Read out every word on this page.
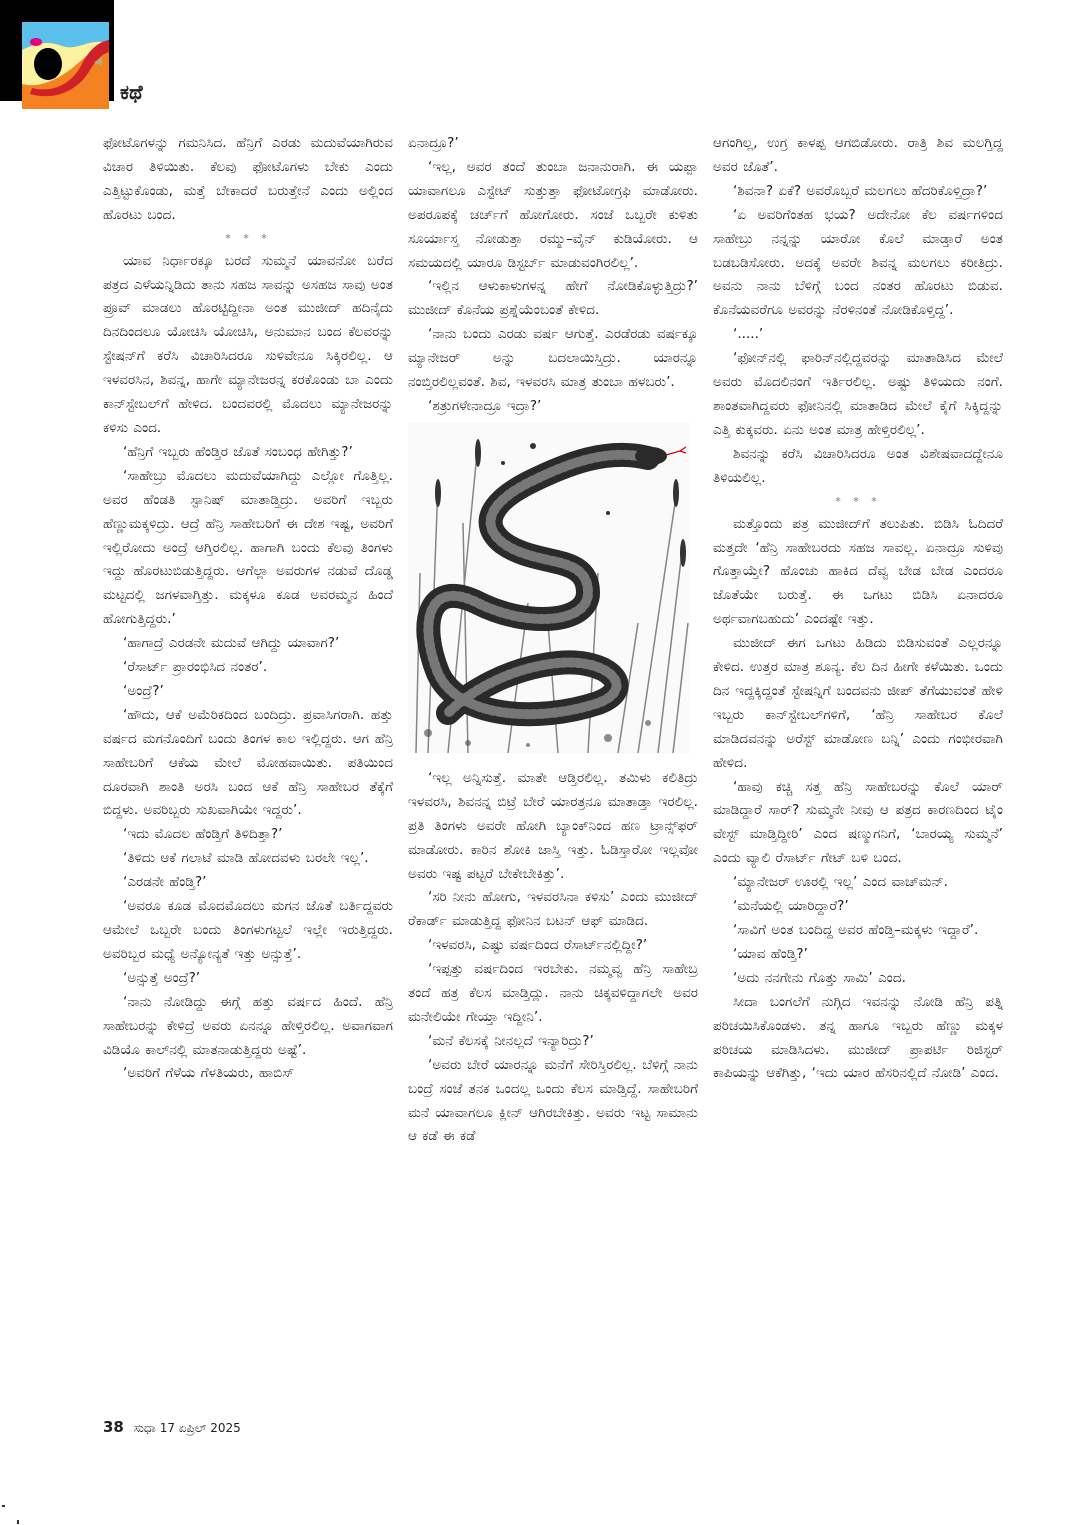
ಕಥೆ

ಫೋಟೊಗಳನ್ನು ಗಮನಿಸಿದ. ಹೆನ್ರಿಗೆ ಎರಡು ಮದುವೆಯಾಗಿರುವ ವಿಚಾರ ತಿಳಿಯಿತು. ಕೆಲವು ಫೋಟೊಗಳು ಬೇಕು ಎಂದು ಎತ್ತಿಟ್ಟುಕೊಂಡು, ಮತ್ತೆ ಬೇಕಾದರೆ ಬರುತ್ತೇನೆ ಎಂದು ಅಲ್ಲಿಂದ ಹೊರಟು ಬಂದ.

* * *

ಯಾವ ನಿರ್ಧಾರಕ್ಕೂ ಬರದೆ ಸುಮ್ಮನೆ ಯಾವನೋ ಬರೆದ ಪತ್ರದ ಎಳೆಯನ್ನಿಡಿದು ತಾನು ಸಹಜ ಸಾವನ್ನು ಅಸಹಜ ಸಾವು ಅಂತ ಪ್ರೂವ್ ಮಾಡಲು ಹೊರಟ್ಟಿದ್ದೀನಾ ಅಂತ ಮುಜೀದ್ ಹದಿನೈದು ದಿನದಿಂದಲೂ ಯೋಚಿಸಿ ಯೋಚಿಸಿ, ಅನುಮಾನ ಬಂದ ಕೆಲವರನ್ನು ಸ್ಟೇಷನ್‌ಗೆ ಕರೆಸಿ ವಿಚಾರಿಸಿದರೂ ಸುಳಿವೇನೂ ಸಿಕ್ಕಿರಲಿಲ್ಲ. ಆ ಇಳವರಸಿನ, ಶಿವನ್ನ, ಹಾಗೇ ಮ್ಯಾನೇಜರನ್ನ ಕರಕೊಂಡು ಬಾ ಎಂದು ಕಾನ್‌ಸ್ಟೇಬಲ್‌ಗೆ ಹೇಳಿದ. ಬಂದವರಲ್ಲಿ ಮೊದಲು ಮ್ಯಾನೇಜರನ್ನು ಕಳಿಸು ಎಂದ.

‘ಹೆನ್ರಿಗೆ ಇಬ್ಬರು ಹೆಂಡ್ತಿರ ಜೊತೆ ಸಂಬಂಧ ಹೇಗಿತ್ತು?’

‘ಸಾಹೇಬ್ರು ಮೊದಲು ಮದುವೆಯಾಗಿದ್ದು ಎಲ್ಲೋ ಗೊತ್ತಿಲ್ಲ. ಅವರ ಹೆಂಡತಿ ಸ್ಪಾನಿಷ್ ಮಾತಾಡ್ತಿದ್ರು. ಅವರಿಗೆ ಇಬ್ಬರು ಹೆಣ್ಣುಮಕ್ಕಳಿದ್ರು. ಆದ್ರೆ ಹೆನ್ರಿ ಸಾಹೇಬರಿಗೆ ಈ ದೇಶ ಇಷ್ಟ, ಅವರಿಗೆ ಇಲ್ಲಿರೋದು ಅಂದ್ರೆ ಆಗ್ತಿರಲಿಲ್ಲ. ಹಾಗಾಗಿ ಬಂದು ಕೆಲವು ತಿಂಗಳು ಇದ್ದು ಹೊರಟುಬಿಡುತ್ತಿದ್ದರು. ಆಗೆಲ್ಲಾ ಅವರುಗಳ ನಡುವೆ ದೊಡ್ಡ ಮಟ್ಟದಲ್ಲಿ ಜಗಳವಾಗ್ತಿತ್ತು. ಮಕ್ಕಳೂ ಕೂಡ ಅವರಮ್ಮನ ಹಿಂದೆ ಹೋಗುತ್ತಿದ್ದರು.’

‘ಹಾಗಾದ್ರೆ ಎರಡನೇ ಮದುವೆ ಆಗಿದ್ದು ಯಾವಾಗ?’

‘ರೆಸಾರ್ಟ್ ಪ್ರಾರಂಭಿಸಿದ ನಂತರ’.

‘ಅಂದ್ರೆ?’

‘ಹೌದು, ಆಕೆ ಅಮೆರಿಕದಿಂದ ಬಂದಿದ್ರು. ಪ್ರವಾಸಿಗರಾಗಿ. ಹತ್ತು ವರ್ಷದ ಮಗನೊಂದಿಗೆ ಬಂದು ತಿಂಗಳ ಕಾಲ ಇಲ್ಲಿದ್ದರು. ಆಗ ಹೆನ್ರಿ ಸಾಹೇಬರಿಗೆ ಆಕೆಯ ಮೇಲೆ ಮೋಹವಾಯಿತು. ಪತಿಯಿಂದ ದೂರವಾಗಿ ಶಾಂತಿ ಅರಸಿ ಬಂದ ಆಕೆ ಹೆನ್ರಿ ಸಾಹೇಬರ ತೆಕ್ಕೆಗೆ ಬಿದ್ದಳು. ಅವರಿಬ್ಬರು ಸುಖವಾಗಿಯೇ ಇದ್ದರು’.

‘ಇದು ಮೊದಲ ಹೆಂಡ್ತಿಗೆ ತಿಳಿದಿತ್ತಾ?’

‘ತಿಳಿದು ಆಕೆ ಗಲಾಟೆ ಮಾಡಿ ಹೋದವಳು ಬರಲೇ ಇಲ್ಲ’.

‘ಎರಡನೇ ಹೆಂಡ್ತಿ?’

‘ಅವರೂ ಕೂಡ ಮೊದಮೊದಲು ಮಗನ ಜೊತೆ ಬರ್ತಿದ್ದವರು ಆಮೇಲೆ ಒಬ್ಬರೇ ಬಂದು ತಿಂಗಳುಗಟ್ಟಲೆ ಇಲ್ಲೇ ಇರುತ್ತಿದ್ದರು. ಅವರಿಬ್ಬರ ಮಧ್ಯೆ ಅನ್ಯೋನ್ಯತೆ ಇತ್ತು ಅನ್ಸುತ್ತೆ’.

‘ಅನ್ಸುತ್ತೆ ಅಂದ್ರೆ?’

‘ನಾನು ನೋಡಿದ್ದು ಈಗ್ಗೆ ಹತ್ತು ವರ್ಷದ ಹಿಂದೆ. ಹೆನ್ರಿ ಸಾಹೇಬರನ್ನು ಕೇಳಿದ್ರೆ ಅವರು ಏನನ್ನೂ ಹೇಳ್ತಿರಲಿಲ್ಲ. ಅವಾಗವಾಗ ವಿಡಿಯೊ ಕಾಲ್‌ನಲ್ಲಿ ಮಾತನಾಡುತ್ತಿದ್ದರು ಅಷ್ಟೆ’.

‘ಅವರಿಗೆ ಗೆಳೆಯ ಗೆಳತಿಯರು, ಹಾಬಿಸ್

ಏನಾದ್ರೂ?’

‘ಇಲ್ಲ, ಅವರ ತಂದೆ ತುಂಬಾ ಜನಾನುರಾಗಿ. ಈ ಯಪ್ಪಾ ಯಾವಾಗಲೂ ಎಸ್ಟೇಟ್ ಸುತ್ತುತ್ತಾ ಫೋಟೋಗ್ರಫಿ ಮಾಡೋರು. ಅಪರೂಪಕ್ಕೆ ಚರ್ಚ್‌ಗೆ ಹೋಗೋರು. ಸಂಜೆ ಒಬ್ಬರೇ ಕುಳಿತು ಸೂರ್ಯಾಸ್ತ ನೋಡುತ್ತಾ ರಮ್ಮು–ವೈನ್ ಕುಡಿಯೋರು. ಆ ಸಮಯದಲ್ಲಿ ಯಾರೂ ಡಿಸ್ಟರ್ಬ್ ಮಾಡುವಂಗಿರಲಿಲ್ಲ’.

‘ಇಲ್ಲಿನ ಆಳುಕಾಳುಗಳನ್ನ ಹೇಗೆ ನೋಡಿಕೊಳ್ಳುತ್ತಿದ್ರು?’ ಮುಜೀದ್ ಕೊನೆಯ ಪ್ರಶ್ನೆಯೆಂಬಂತೆ ಕೇಳಿದ.

‘ನಾನು ಬಂದು ಎರಡು ವರ್ಷ ಆಗುತ್ತೆ. ಎರಡೆರಡು ವರ್ಷಕ್ಕೂ ಮ್ಯಾನೇಜರ್ ಅನ್ನು ಬದಲಾಯಿಸ್ತಿದ್ರು. ಯಾರನ್ನೂ ನಂಬ್ತಿರಲಿಲ್ಲವಂತೆ. ಶಿವ, ಇಳವರಸಿ ಮಾತ್ರ ತುಂಬಾ ಹಳಬರು’.

‘ಶತ್ರುಗಳೇನಾದ್ರೂ ಇದ್ರಾ?’

‘ಇಲ್ಲ ಅನ್ನಿಸುತ್ತೆ. ಮಾತೇ ಆಡ್ತಿರಲಿಲ್ಲ. ತಮಿಳು ಕಲಿತಿದ್ರು ಇಳವರಸಿ, ಶಿವನನ್ನ ಬಿಟ್ರೆ ಬೇರೆ ಯಾರತ್ರನೂ ಮಾತಾಡ್ತಾ ಇರಲಿಲ್ಲ. ಪ್ರತಿ ತಿಂಗಳು ಅವರೇ ಹೋಗಿ ಬ್ಯಾಂಕ್‌ನಿಂದ ಹಣ ಟ್ರಾನ್ಸ್‌ಫರ್ ಮಾಡೋರು. ಕಾರಿನ ಶೋಕಿ ಜಾಸ್ತಿ ಇತ್ತು. ಓಡಿಸ್ತಾರೋ ಇಲ್ಲವೋ ಅವರು ಇಷ್ಟ ಪಟ್ಟರೆ ಬೇಕೇಬೇಕಿತ್ತು’.

‘ಸರಿ ನೀನು ಹೋಗು, ಇಳವರಸಿನಾ ಕಳಿಸು’ ಎಂದು ಮುಜೀದ್ ರೆಕಾರ್ಡ್ ಮಾಡುತ್ತಿದ್ದ ಫೋನಿನ ಬಟನ್ ಆಫ್ ಮಾಡಿದ.

‘ಇಳವರಸಿ, ಎಷ್ಟು ವರ್ಷದಿಂದ ರೆಸಾರ್ಟ್‌ನಲ್ಲಿದ್ದೀ?’

‘ಇಪ್ಪತ್ತು ವರ್ಷದಿಂದ ಇರಬೇಕು. ನಮ್ಮವ್ವ ಹೆನ್ರಿ ಸಾಹೇಬ್ರ ತಂದೆ ಹತ್ರ ಕೆಲಸ ಮಾಡ್ತಿದ್ಲು. ನಾನು ಚಿಕ್ಕವಳಿದ್ದಾಗಲೇ ಅವರ ಮನೇಲಿಯೇ ಗೇಯ್ತಾ ಇದ್ದೀನಿ’.

‘ಮನೆ ಕೆಲಸಕ್ಕೆ ನೀನಲ್ಲದೆ ಇನ್ಯಾರಿದ್ರು?’

‘ಅವರು ಬೇರೆ ಯಾರನ್ನೂ ಮನೆಗೆ ಸೇರಿಸ್ತಿರಲಿಲ್ಲ. ಬೆಳಿಗ್ಗೆ ನಾನು ಬಂದ್ರೆ ಸಂಜೆ ತನಕ ಒಂದಲ್ಲ ಒಂದು ಕೆಲಸ ಮಾಡ್ತಿದ್ದೆ. ಸಾಹೇಬರಿಗೆ ಮನೆ ಯಾವಾಗಲೂ ಕ್ಲೀನ್ ಆಗಿರಬೇಕಿತ್ತು. ಅವರು ಇಟ್ಟ ಸಾಮಾನು ಆ ಕಡೆ ಈ ಕಡೆ

ಆಗಂಗಿಲ್ಲ, ಉಗ್ರ ಕಾಳಪ್ಪ ಆಗಬಿಡೋರು. ರಾತ್ರಿ ಶಿವ ಮಲಗ್ತಿದ್ದ ಅವರ ಜೊತೆ’.

‘ಶಿವನಾ? ಏಕೆ? ಅವರೊಬ್ಬರೆ ಮಲಗಲು ಹೆದರಿಕೊಳ್ತಿದ್ರಾ?’

‘ಏ ಅವರಿಗೆಂತಹ ಭಯ? ಅದೇನೋ ಕೆಲ ವರ್ಷಗಳಿಂದ ಸಾಹೇಬ್ರು ನನ್ನನ್ನು ಯಾರೋ ಕೊಲೆ ಮಾಡ್ತಾರೆ ಅಂತ ಬಡಬಡಿಸೋರು. ಅದಕ್ಕೆ ಅವರೇ ಶಿವನ್ನ ಮಲಗಲು ಕರೀತಿದ್ರು. ಅವನು ನಾನು ಬೆಳಿಗ್ಗೆ ಬಂದ ನಂತರ ಹೊರಟು ಬಿಡುವ. ಕೊನೆಯವರೆಗೂ ಅವರನ್ನು ನೆರಳಿನಂತೆ ನೋಡಿಕೊಳ್ತಿದ್ದ’.

‘.....’

‘ಫೋನ್‌ನಲ್ಲಿ ಫಾರಿನ್‌ನಲ್ಲಿದ್ದವರನ್ನು ಮಾತಾಡಿಸಿದ ಮೇಲೆ ಅವರು ಮೊದಲಿನಂಗೆ ಇರ್ತಿರಲಿಲ್ಲ. ಅಷ್ಟು ತಿಳಿಯದು ನಂಗೆ. ಶಾಂತವಾಗಿದ್ದವರು ಫೋನಿನಲ್ಲಿ ಮಾತಾಡಿದ ಮೇಲೆ ಕೈಗೆ ಸಿಕ್ಕಿದ್ದನ್ನು ಎತ್ತಿ ಕುಕ್ಕವರು. ಏನು ಅಂತ ಮಾತ್ರ ಹೇಳ್ತಿರಲಿಲ್ಲ’.

ಶಿವನನ್ನು ಕರೆಸಿ ವಿಚಾರಿಸಿದರೂ ಅಂತ ವಿಶೇಷವಾದದ್ದೇನೂ ತಿಳಿಯಲಿಲ್ಲ.

* * *

ಮತ್ತೊಂದು ಪತ್ರ ಮುಜೀದ್‌ಗೆ ತಲುಪಿತು. ಬಿಡಿಸಿ ಓದಿದರೆ ಮತ್ತದೇ ‘ಹೆನ್ರಿ ಸಾಹೇಬರದು ಸಹಜ ಸಾವಲ್ಲ. ಏನಾದ್ರೂ ಸುಳಿವು ಗೊತ್ತಾಯ್ತೇ? ಹೊಂಚು ಹಾಕಿದ ದೆವ್ವ ಬೇಡ ಬೇಡ ಎಂದರೂ ಜೊತೆಯೇ ಬರುತ್ತೆ. ಈ ಒಗಟು ಬಿಡಿಸಿ ಏನಾದರೂ ಅರ್ಥವಾಗಬಹುದು’ ಎಂದಷ್ಟೇ ಇತ್ತು.

ಮುಜೀದ್ ಈಗ ಒಗಟು ಹಿಡಿದು ಬಿಡಿಸುವಂತೆ ಎಲ್ಲರನ್ನೂ ಕೇಳಿದ. ಉತ್ತರ ಮಾತ್ರ ಶೂನ್ಯ. ಕೆಲ ದಿನ ಹೀಗೇ ಕಳೆಯಿತು. ಒಂದು ದಿನ ಇದ್ದಕ್ಕಿದ್ದಂತೆ ಸ್ಟೇಷನ್ನಿಗೆ ಬಂದವನು ಜೀಪ್ ತೆಗೆಯುವಂತೆ ಹೇಳಿ ಇಬ್ಬರು ಕಾನ್‌ಸ್ಟೇಬಲ್‌ಗಳಿಗೆ, ‘ಹೆನ್ರಿ ಸಾಹೇಬರ ಕೊಲೆ ಮಾಡಿದವನನ್ನು ಅರೆಸ್ಟ್ ಮಾಡೋಣ ಬನ್ನಿ’ ಎಂದು ಗಂಭೀರವಾಗಿ ಹೇಳಿದ.

‘ಹಾವು ಕಚ್ಚಿ ಸತ್ತ ಹೆನ್ರಿ ಸಾಹೇಬರನ್ನು ಕೊಲೆ ಯಾರ್ ಮಾಡಿದ್ದಾರೆ ಸಾರ್? ಸುಮ್ಮನೇ ನೀವು ಆ ಪತ್ರದ ಕಾರಣದಿಂದ ಟೈಂ ವೇಸ್ಟ್ ಮಾಡ್ತಿದ್ದೀರಿ’ ಎಂದ ಷಣ್ಮುಗನಿಗೆ, ‘ಬಾರಯ್ಯ ಸುಮ್ಮನೆ’ ಎಂದು ವ್ಯಾಲಿ ರೆಸಾರ್ಟ್ ಗೇಟ್ ಬಳಿ ಬಂದ.

‘ಮ್ಯಾನೇಜರ್ ಊರಲ್ಲಿ ಇಲ್ಲ’ ಎಂದ ವಾಚ್‌ಮನ್.

‘ಮನೆಯಲ್ಲಿ ಯಾರಿದ್ದಾರೆ?’

‘ಸಾವಿಗೆ ಅಂತ ಬಂದಿದ್ದ ಅವರ ಹೆಂಡ್ತಿ–ಮಕ್ಕಳು ಇದ್ದಾರೆ’.

‘ಯಾವ ಹೆಂಡ್ತಿ?’

‘ಅದು ನನಗೇನು ಗೊತ್ತು ಸಾಮಿ’ ಎಂದ.

ಸೀದಾ ಬಂಗಲೆಗೆ ನುಗ್ಗಿದ ಇವನನ್ನು ನೋಡಿ ಹೆನ್ರಿ ಪತ್ನಿ ಪರಿಚಯಿಸಿಕೊಂಡಳು. ತನ್ನ ಹಾಗೂ ಇಬ್ಬರು ಹೆಣ್ಣು ಮಕ್ಕಳ ಪರಿಚಯ ಮಾಡಿಸಿದಳು. ಮುಜೀದ್ ಪ್ರಾಪರ್ಟಿ ರಿಜಿಸ್ಟರ್ ಕಾಪಿಯನ್ನು ಆಕೆಗಿತ್ತು, ‘ಇದು ಯಾರ ಹೆಸರಿನಲ್ಲಿದೆ ನೋಡಿ’ ಎಂದ.

38 ಸುಧಾ 17 ಏಪ್ರಿಲ್ 2025
